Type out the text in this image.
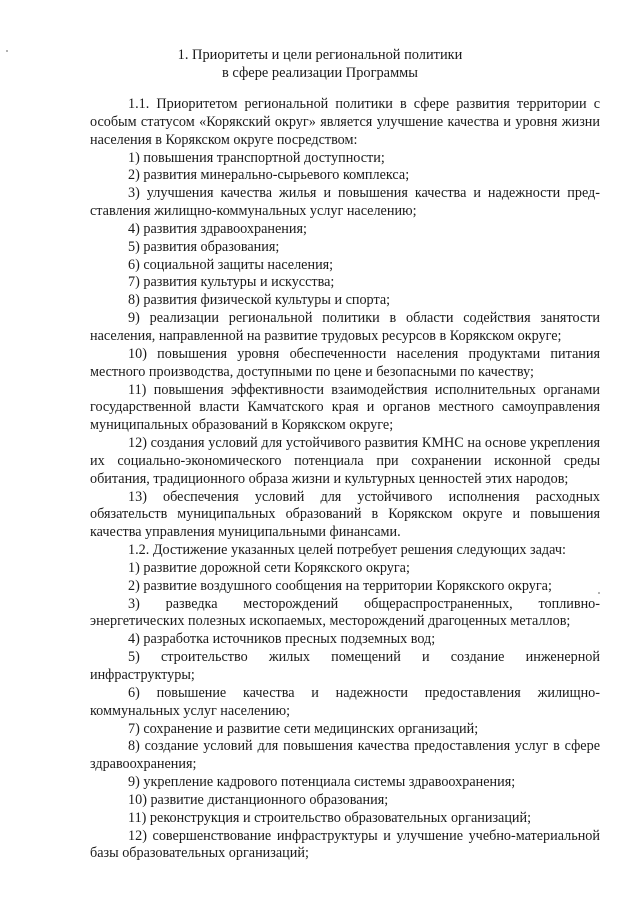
1. Приоритеты и цели региональной политики
в сфере реализации Программы

1.1. Приоритетом региональной политики в сфере развития территории с особым статусом «Корякский округ» является улучшение качества и уровня жизни населения в Корякском округе посредством:

1) повышения транспортной доступности;

2) развития минерально-сырьевого комплекса;

3) улучшения качества жилья и повышения качества и надежности пред-ставления жилищно-коммунальных услуг населению;

4) развития здравоохранения;

5) развития образования;

6) социальной защиты населения;

7) развития культуры и искусства;

8) развития физической культуры и спорта;

9) реализации региональной политики в области содействия занятости населения, направленной на развитие трудовых ресурсов в Корякском округе;

10) повышения уровня обеспеченности населения продуктами питания местного производства, доступными по цене и безопасными по качеству;

11) повышения эффективности взаимодействия исполнительных органами государственной власти Камчатского края и органов местного самоуправления муниципальных образований в Корякском округе;

12) создания условий для устойчивого развития КМНС на основе укрепления их социально-экономического потенциала при сохранении исконной среды обитания, традиционного образа жизни и культурных ценностей этих народов;

13) обеспечения условий для устойчивого исполнения расходных обязательств муниципальных образований в Корякском округе и повышения качества управления муниципальными финансами.

1.2. Достижение указанных целей потребует решения следующих задач:

1) развитие дорожной сети Корякского округа;

2) развитие воздушного сообщения на территории Корякского округа;

3) разведка месторождений общераспространенных, топливно-энергетических полезных ископаемых, месторождений драгоценных металлов;

4) разработка источников пресных подземных вод;

5) строительство жилых помещений и создание инженерной инфраструктуры;

6) повышение качества и надежности предоставления жилищно-коммунальных услуг населению;

7) сохранение и развитие сети медицинских организаций;

8) создание условий для повышения качества предоставления услуг в сфере здравоохранения;

9) укрепление кадрового потенциала системы здравоохранения;

10) развитие дистанционного образования;

11) реконструкция и строительство образовательных организаций;

12) совершенствование инфраструктуры и улучшение учебно-материальной базы образовательных организаций;
